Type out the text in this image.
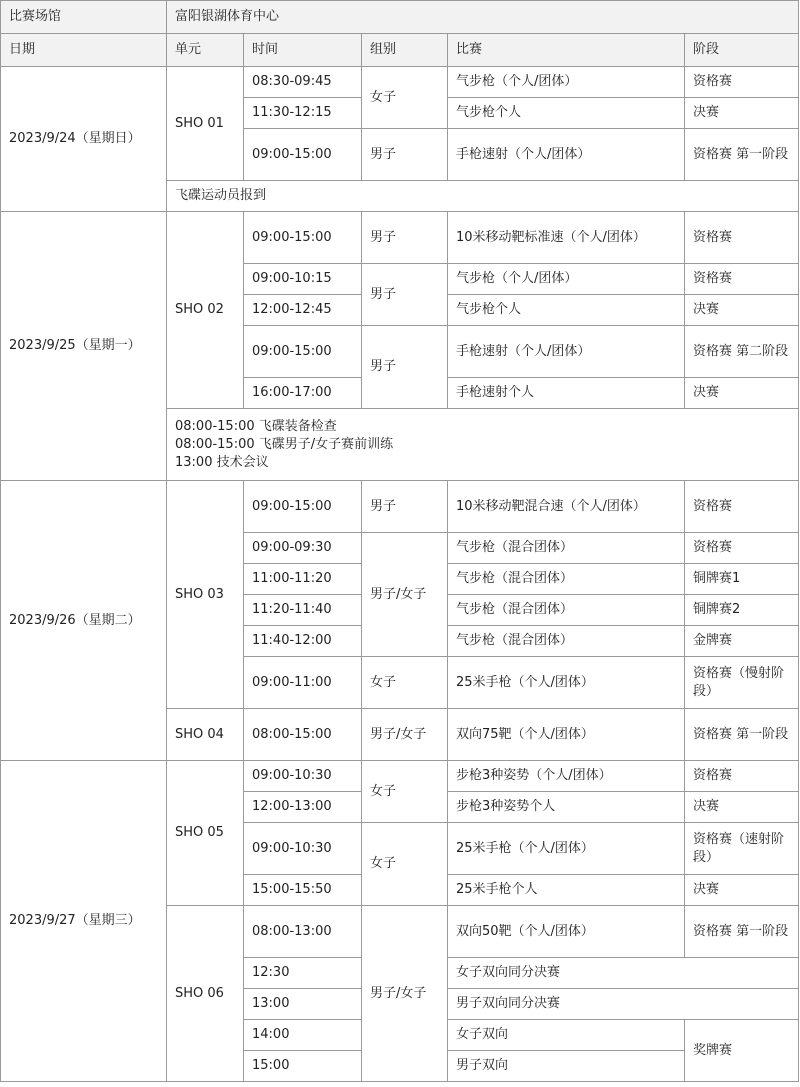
比赛场馆	富阳银湖体育中心				
日期	单元	时间	组别	比赛	阶段
2023/9/24（星期日）	SHO 01	08:30-09:45	女子	气步枪（个人/团体）	资格赛
		11:30-12:15		气步枪个人	决赛
		09:00-15:00	男子	手枪速射（个人/团体）	资格赛 第一阶段
	飞碟运动员报到				
2023/9/25（星期一）	SHO 02	09:00-15:00	男子	10米移动靶标准速（个人/团体）	资格赛
		09:00-10:15	男子	气步枪（个人/团体）	资格赛
		12:00-12:45		气步枪个人	决赛
		09:00-15:00	男子	手枪速射（个人/团体）	资格赛 第二阶段
		16:00-17:00		手枪速射个人	决赛
	08:00-15:00 飞碟装备检查
08:00-15:00 飞碟男子/女子赛前训练
13:00 技术会议				
2023/9/26（星期二）	SHO 03	09:00-15:00	男子	10米移动靶混合速（个人/团体）	资格赛
		09:00-09:30	男子/女子	气步枪（混合团体）	资格赛
		11:00-11:20		气步枪（混合团体）	铜牌赛1
		11:20-11:40		气步枪（混合团体）	铜牌赛2
		11:40-12:00		气步枪（混合团体）	金牌赛
		09:00-11:00	女子	25米手枪（个人/团体）	资格赛（慢射阶段）
	SHO 04	08:00-15:00	男子/女子	双向75靶（个人/团体）	资格赛 第一阶段
2023/9/27（星期三）	SHO 05	09:00-10:30	女子	步枪3种姿势（个人/团体）	资格赛
		12:00-13:00		步枪3种姿势个人	决赛
		09:00-10:30	女子	25米手枪（个人/团体）	资格赛（速射阶段）
		15:00-15:50		25米手枪个人	决赛
	SHO 06	08:00-13:00	男子/女子	双向50靶（个人/团体）	资格赛 第一阶段
		12:30		女子双向同分决赛	
		13:00		男子双向同分决赛	
		14:00		女子双向	奖牌赛
		15:00		男子双向	
